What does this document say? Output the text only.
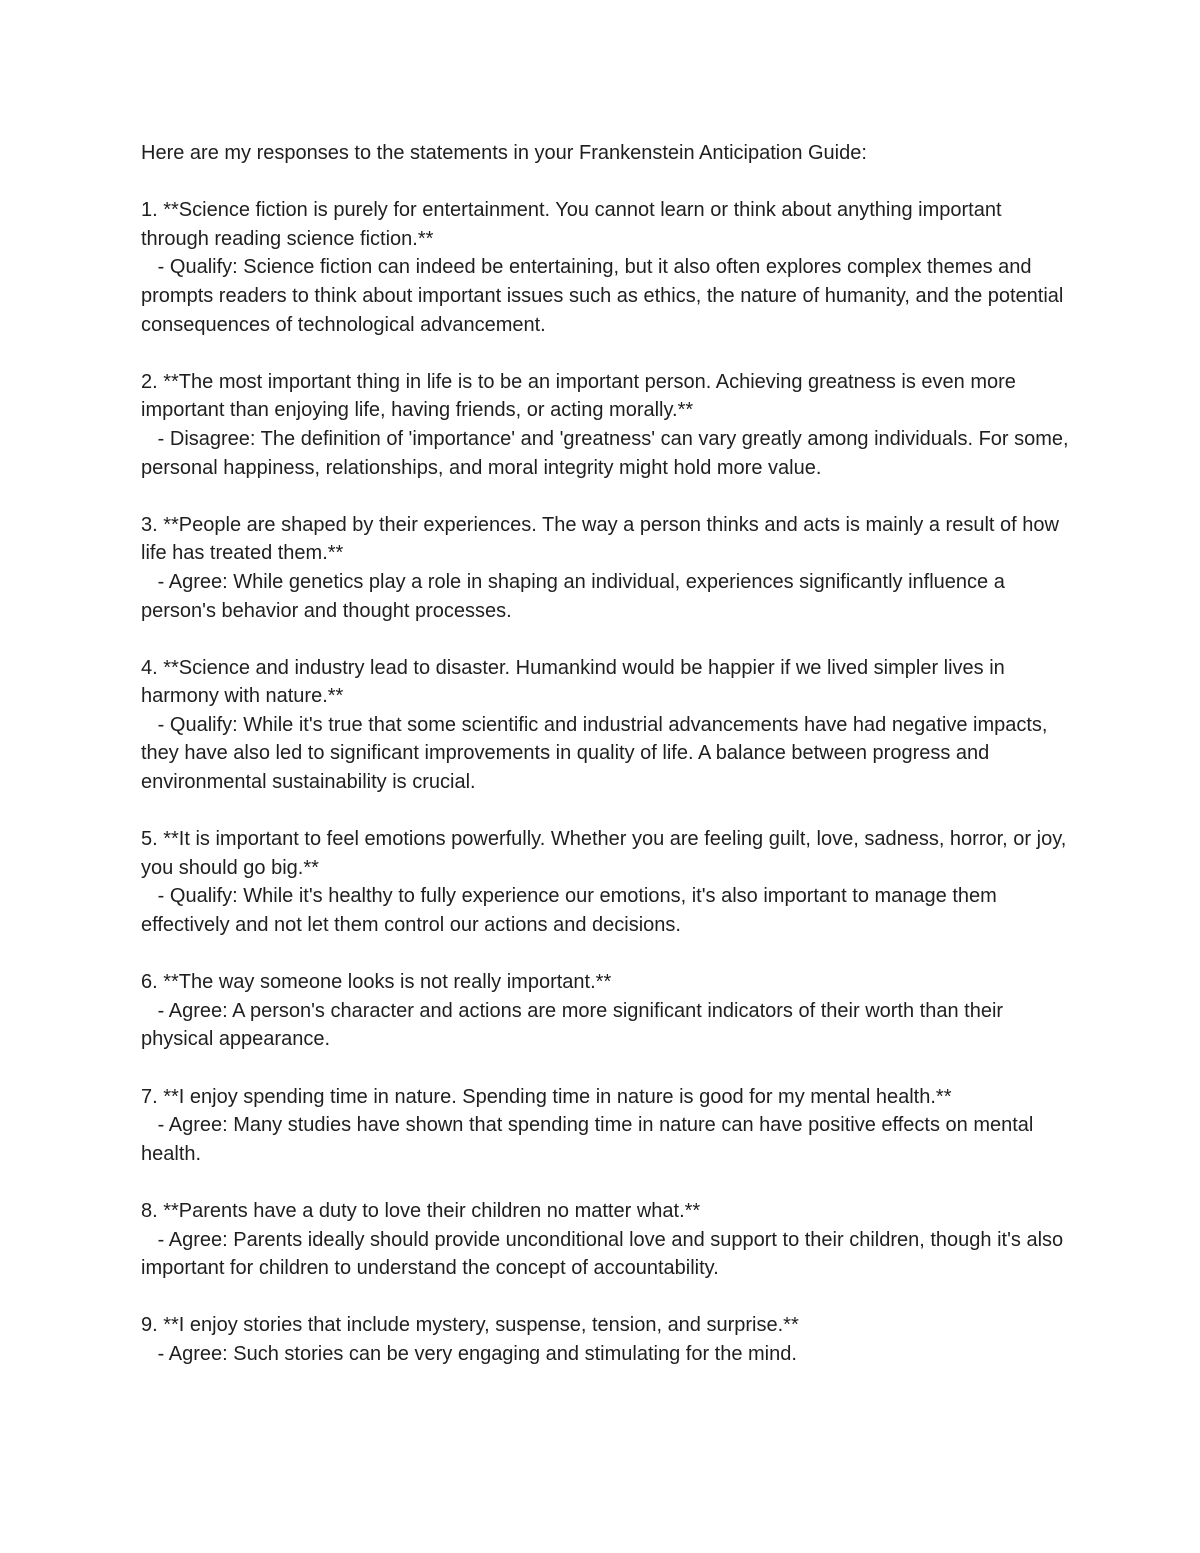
Here are my responses to the statements in your Frankenstein Anticipation Guide:

1. **Science fiction is purely for entertainment. You cannot learn or think about anything important through reading science fiction.**
- Qualify: Science fiction can indeed be entertaining, but it also often explores complex themes and prompts readers to think about important issues such as ethics, the nature of humanity, and the potential consequences of technological advancement.

2. **The most important thing in life is to be an important person. Achieving greatness is even more important than enjoying life, having friends, or acting morally.**
- Disagree: The definition of 'importance' and 'greatness' can vary greatly among individuals. For some, personal happiness, relationships, and moral integrity might hold more value.

3. **People are shaped by their experiences. The way a person thinks and acts is mainly a result of how life has treated them.**
- Agree: While genetics play a role in shaping an individual, experiences significantly influence a person's behavior and thought processes.

4. **Science and industry lead to disaster. Humankind would be happier if we lived simpler lives in harmony with nature.**
- Qualify: While it's true that some scientific and industrial advancements have had negative impacts, they have also led to significant improvements in quality of life. A balance between progress and environmental sustainability is crucial.

5. **It is important to feel emotions powerfully. Whether you are feeling guilt, love, sadness, horror, or joy, you should go big.**
- Qualify: While it's healthy to fully experience our emotions, it's also important to manage them effectively and not let them control our actions and decisions.

6. **The way someone looks is not really important.**
- Agree: A person's character and actions are more significant indicators of their worth than their physical appearance.

7. **I enjoy spending time in nature. Spending time in nature is good for my mental health.**
- Agree: Many studies have shown that spending time in nature can have positive effects on mental health.

8. **Parents have a duty to love their children no matter what.**
- Agree: Parents ideally should provide unconditional love and support to their children, though it's also important for children to understand the concept of accountability.

9. **I enjoy stories that include mystery, suspense, tension, and surprise.**
- Agree: Such stories can be very engaging and stimulating for the mind.
